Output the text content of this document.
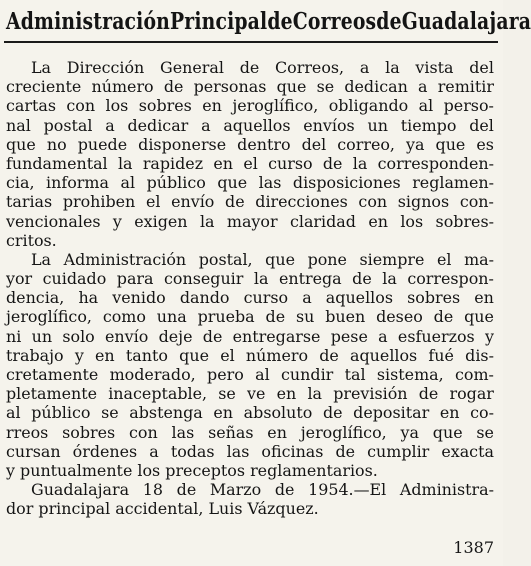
Administración Principal de Correos de Guadalajara
La Dirección General de Correos, a la vista del
creciente número de personas que se dedican a remitir
cartas con los sobres en jeroglífico, obligando al perso-
nal postal a dedicar a aquellos envíos un tiempo del
que no puede disponerse dentro del correo, ya que es
fundamental la rapidez en el curso de la corresponden-
cia, informa al público que las disposiciones reglamen-
tarias prohiben el envío de direcciones con signos con-
vencionales y exigen la mayor claridad en los sobres-
critos.
La Administración postal, que pone siempre el ma-
yor cuidado para conseguir la entrega de la correspon-
dencia, ha venido dando curso a aquellos sobres en
jeroglífico, como una prueba de su buen deseo de que
ni un solo envío deje de entregarse pese a esfuerzos y
trabajo y en tanto que el número de aquellos fué dis-
cretamente moderado, pero al cundir tal sistema, com-
pletamente inaceptable, se ve en la previsión de rogar
al público se abstenga en absoluto de depositar en co-
rreos sobres con las señas en jeroglífico, ya que se
cursan órdenes a todas las oficinas de cumplir exacta
y puntualmente los preceptos reglamentarios.
Guadalajara 18 de Marzo de 1954.—El Administra-
dor principal accidental, Luis Vázquez.
1387
